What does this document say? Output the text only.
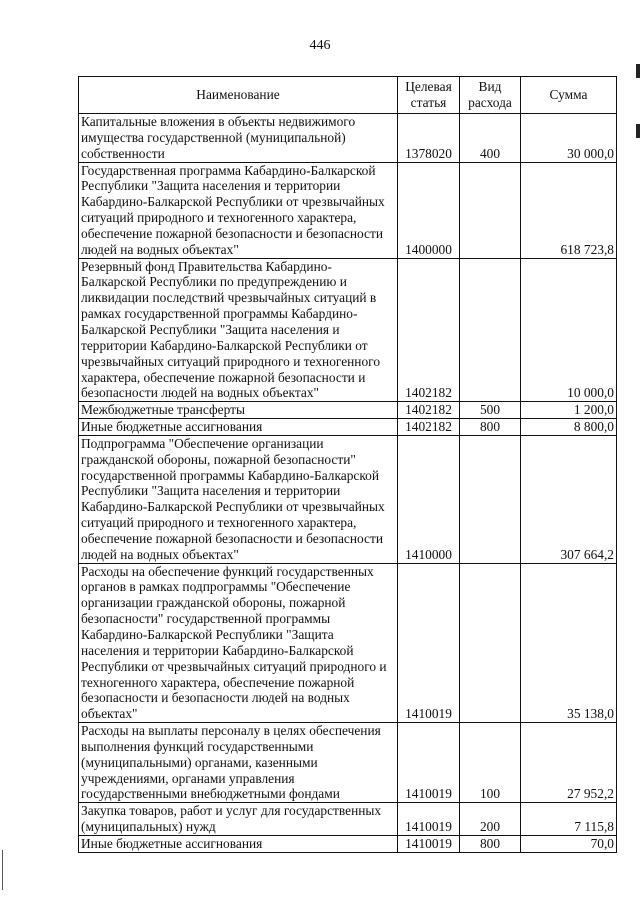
446
Наименование	Целевая статья	Вид расхода	Сумма
Капитальные вложения в объекты недвижимого имущества государственной (муниципальной) собственности	1378020	400	30 000,0
Государственная программа Кабардино-Балкарской Республики "Защита населения и территории Кабардино-Балкарской Республики от чрезвычайных ситуаций природного и техногенного характера, обеспечение пожарной безопасности и безопасности людей на водных объектах"	1400000		618 723,8
Резервный фонд Правительства Кабардино-Балкарской Республики по предупреждению и ликвидации последствий чрезвычайных ситуаций в рамках государственной программы Кабардино-Балкарской Республики "Защита населения и территории Кабардино-Балкарской Республики от чрезвычайных ситуаций природного и техногенного характера, обеспечение пожарной безопасности и безопасности людей на водных объектах"	1402182		10 000,0
Межбюджетные трансферты	1402182	500	1 200,0
Иные бюджетные ассигнования	1402182	800	8 800,0
Подпрограмма "Обеспечение организации гражданской обороны, пожарной безопасности" государственной программы Кабардино-Балкарской Республики "Защита населения и территории Кабардино-Балкарской Республики от чрезвычайных ситуаций природного и техногенного характера, обеспечение пожарной безопасности и безопасности людей на водных объектах"	1410000		307 664,2
Расходы на обеспечение функций государственных органов в рамках подпрограммы "Обеспечение организации гражданской обороны, пожарной безопасности" государственной программы Кабардино-Балкарской Республики "Защита населения и территории Кабардино-Балкарской Республики от чрезвычайных ситуаций природного и техногенного характера, обеспечение пожарной безопасности и безопасности людей на водных объектах"	1410019		35 138,0
Расходы на выплаты персоналу в целях обеспечения выполнения функций государственными (муниципальными) органами, казенными учреждениями, органами управления государственными внебюджетными фондами	1410019	100	27 952,2
Закупка товаров, работ и услуг для государственных (муниципальных) нужд	1410019	200	7 115,8
Иные бюджетные ассигнования	1410019	800	70,0
